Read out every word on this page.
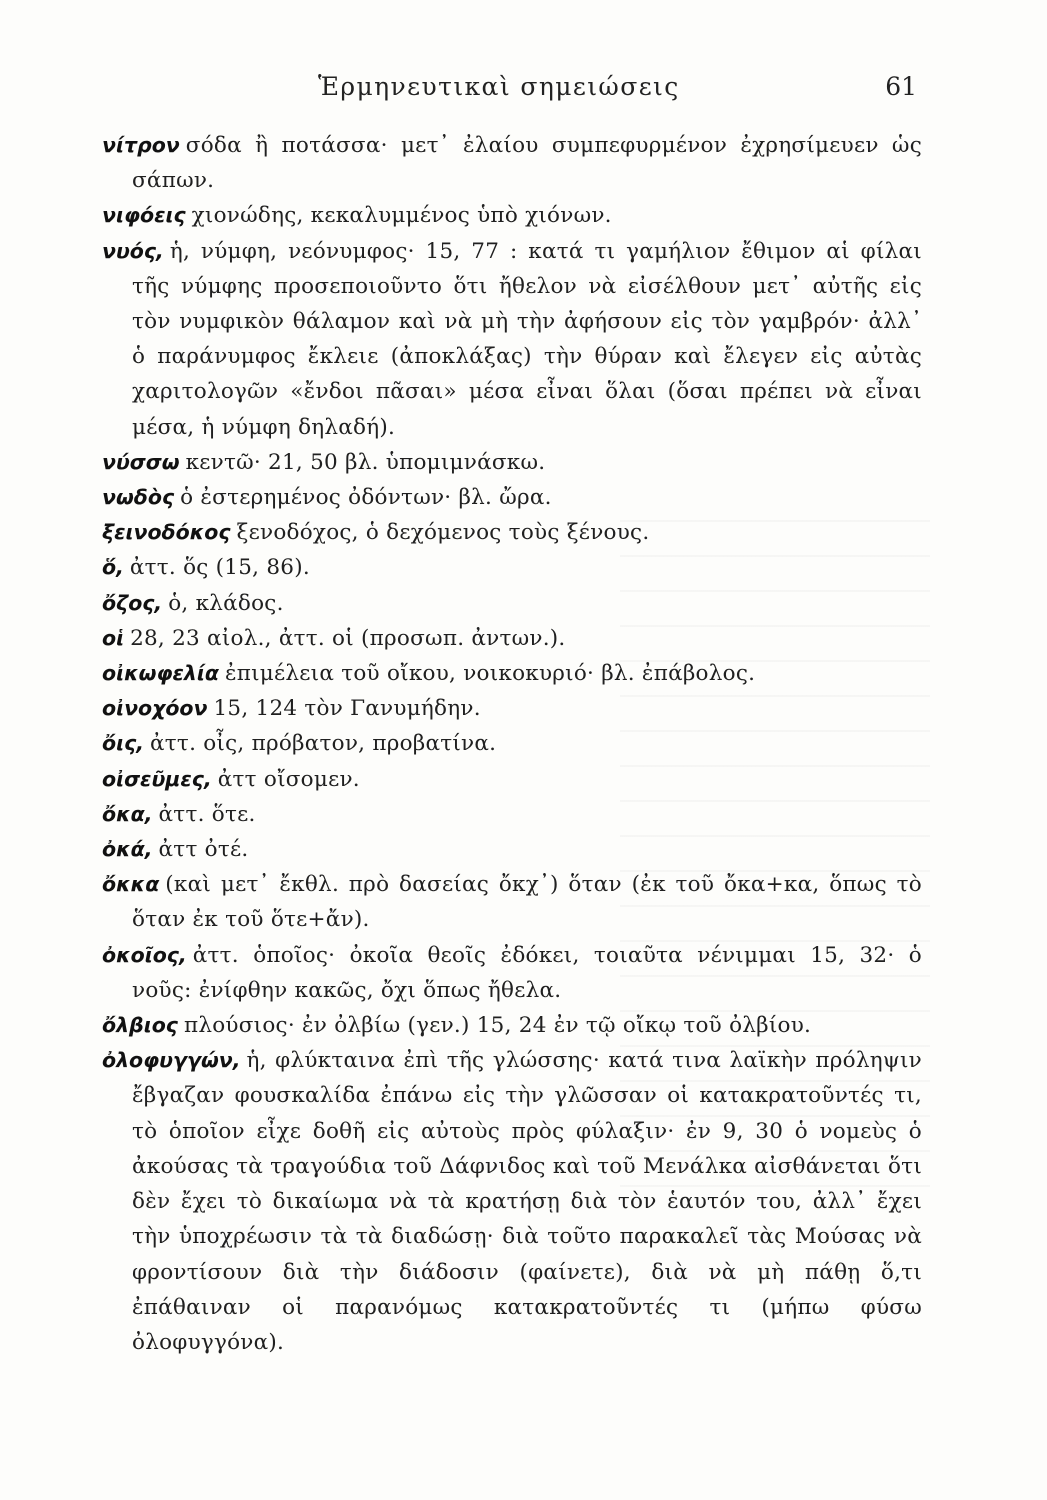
Ἑρμηνευτικαὶ σημειώσεις	61

νίτρον σόδα ἢ ποτάσσα· μετ᾽ ἐλαίου συμπεφυρμένον ἐχρησίμευεν ὡς σάπων.

νιφόεις χιονώδης, κεκαλυμμένος ὑπὸ χιόνων.

νυός, ἡ, νύμφη, νεόνυμφος· 15, 77 : κατά τι γαμήλιον ἔθιμον αἱ φίλαι τῆς νύμφης προσεποιοῦντο ὅτι ἤθελον νὰ εἰσέλθουν μετ᾽ αὐτῆς εἰς τὸν νυμφικὸν θάλαμον καὶ νὰ μὴ τὴν ἀφήσουν εἰς τὸν γαμβρόν· ἀλλ᾽ ὁ παράνυμφος ἔκλειε (ἀποκλάξας) τὴν θύραν καὶ ἔλεγεν εἰς αὐτὰς χαριτολογῶν «ἔνδοι πᾶσαι» μέσα εἶναι ὅλαι (ὅσαι πρέπει νὰ εἶναι μέσα, ἡ νύμφη δηλαδή).

νύσσω κεντῶ· 21, 50 βλ. ὑπομιμνάσκω.

νωδὸς ὁ ἐστερημένος ὀδόντων· βλ. ὤρα.

ξεινοδόκος ξενοδόχος, ὁ δεχόμενος τοὺς ξένους.

ὅ, ἀττ. ὅς (15, 86).

ὄζος, ὁ, κλάδος.

οἱ 28, 23 αἰολ., ἀττ. οἱ (προσωπ. ἀντων.).

οἰκωφελία ἐπιμέλεια τοῦ οἴκου, νοικοκυριό· βλ. ἐπάβολος.

οἰνοχόον 15, 124 τὸν Γανυμήδην.

ὄις, ἀττ. οἶς, πρόβατον, προβατίνα.

οἰσεῦμες, ἀττ οἴσομεν.

ὄκα, ἀττ. ὅτε.

ὀκά, ἀττ ὀτέ.

ὄκκα (καὶ μετ᾽ ἔκθλ. πρὸ δασείας ὄκχ᾽) ὅταν (ἐκ τοῦ ὄκα+κα, ὅπως τὸ ὅταν ἐκ τοῦ ὅτε+ἄν).

ὀκοῖος, ἀττ. ὁποῖος· ὀκοῖα θεοῖς ἐδόκει, τοιαῦτα νένιμμαι 15, 32· ὁ νοῦς: ἐνίφθην κακῶς, ὄχι ὅπως ἤθελα.

ὄλβιος πλούσιος· ἐν ὀλβίω (γεν.) 15, 24 ἐν τῷ οἴκῳ τοῦ ὀλβίου.

ὀλοφυγγών, ἡ, φλύκταινα ἐπὶ τῆς γλώσσης· κατά τινα λαϊκὴν πρόληψιν ἔβγαζαν φουσκαλίδα ἐπάνω εἰς τὴν γλῶσσαν οἱ κατακρατοῦντές τι, τὸ ὁποῖον εἶχε δοθῆ εἰς αὐτοὺς πρὸς φύλαξιν· ἐν 9, 30 ὁ νομεὺς ὁ ἀκούσας τὰ τραγούδια τοῦ Δάφνιδος καὶ τοῦ Μενάλκα αἰσθάνεται ὅτι δὲν ἔχει τὸ δικαίωμα νὰ τὰ κρατήσῃ διὰ τὸν ἑαυτόν του, ἀλλ᾽ ἔχει τὴν ὑποχρέωσιν τὰ τὰ διαδώσῃ· διὰ τοῦτο παρακαλεῖ τὰς Μούσας νὰ φροντίσουν διὰ τὴν διάδοσιν (φαίνετε), διὰ νὰ μὴ πάθῃ ὅ,τι ἐπάθαιναν οἱ παρανόμως κατακρατοῦντές τι (μήπω φύσω ὀλοφυγγόνα).
